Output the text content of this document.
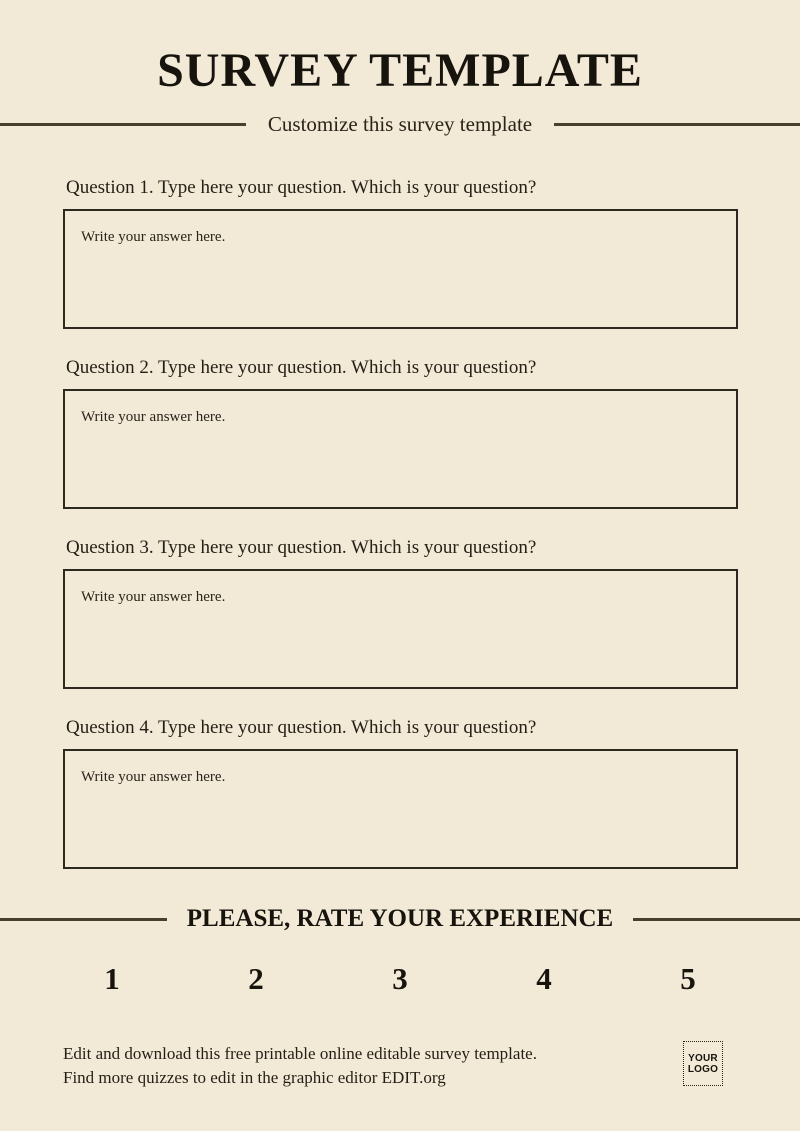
SURVEY TEMPLATE
Customize this survey template
Question 1. Type here your question. Which is your question?
Write your answer here.
Question 2. Type here your question. Which is your question?
Write your answer here.
Question 3. Type here your question. Which is your question?
Write your answer here.
Question 4. Type here your question. Which is your question?
Write your answer here.
PLEASE, RATE YOUR EXPERIENCE
1	2	3	4	5
Edit and download this free printable online editable survey template.
Find more quizzes to edit in the graphic editor EDIT.org
YOUR
LOGO
